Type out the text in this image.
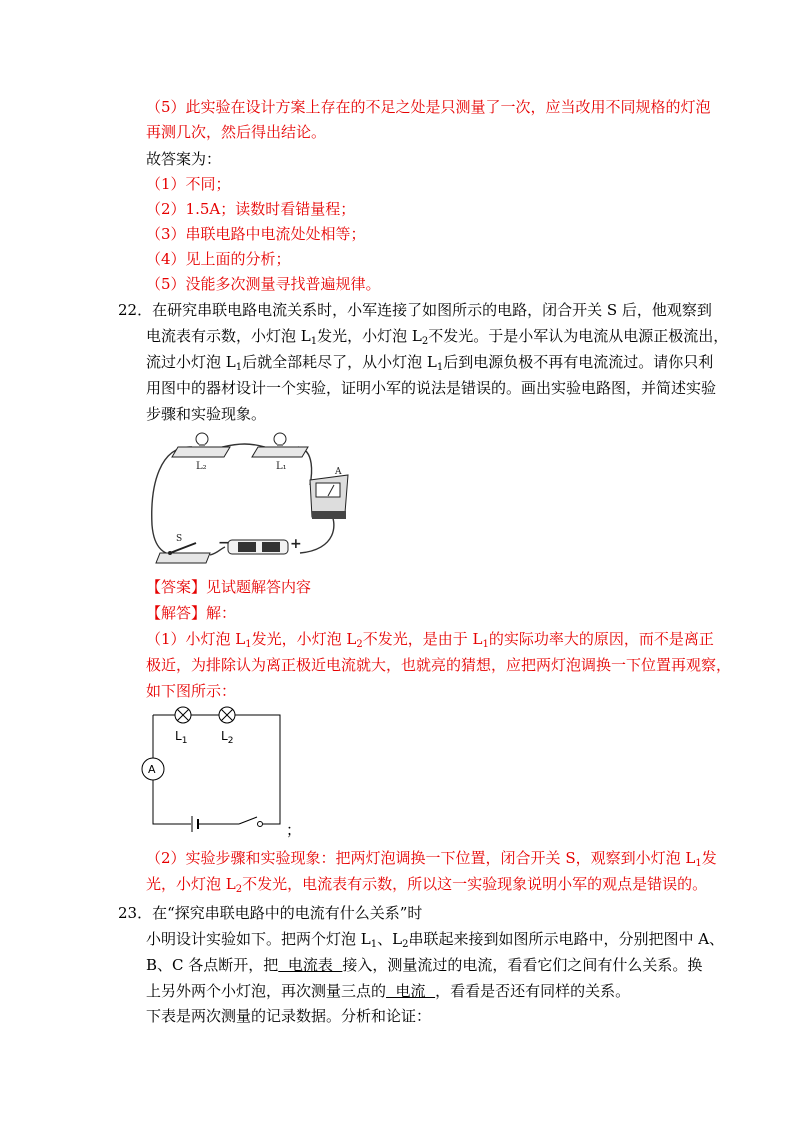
（5）此实验在设计方案上存在的不足之处是只测量了一次，应当改用不同规格的灯泡
再测几次，然后得出结论。
故答案为：
（1）不同；
（2）1.5A；读数时看错量程；
（3）串联电路中电流处处相等；
（4）见上面的分析；
（5）没能多次测量寻找普遍规律。
22．在研究串联电路电流关系时，小军连接了如图所示的电路，闭合开关 S 后，他观察到
电流表有示数，小灯泡 $L_1$发光，小灯泡 $L_2$不发光。于是小军认为电流从电源正极流出，
流过小灯泡 $L_1$后就全部耗尽了，从小灯泡 $L_1$后到电源负极不再有电流流过。请你只利
用图中的器材设计一个实验，证明小军的说法是错误的。画出实验电路图，并简述实验
步骤和实验现象。
L₂	L₁	A
−	+
S
【答案】见试题解答内容
【解答】解：
（1）小灯泡 $L_1$发光，小灯泡 $L_2$不发光，是由于 $L_1$的实际功率大的原因，而不是离正
极近，为排除认为离正极近电流就大，也就亮的猜想，应把两灯泡调换一下位置再观察，
如下图所示：
$L_1$	$L_2$
A
；
（2）实验步骤和实验现象：把两灯泡调换一下位置，闭合开关 S，观察到小灯泡 $L_1$发
光，小灯泡 $L_2$不发光，电流表有示数，所以这一实验现象说明小军的观点是错误的。
23．在“探究串联电路中的电流有什么关系”时
小明设计实验如下。把两个灯泡 $L_1$、$L_2$串联起来接到如图所示电路中，分别把图中 A、
B、C 各点断开，把  电流表  接入，测量流过的电流，看看它们之间有什么关系。换
上另外两个小灯泡，再次测量三点的  电流  ，看看是否还有同样的关系。
下表是两次测量的记录数据。分析和论证：
